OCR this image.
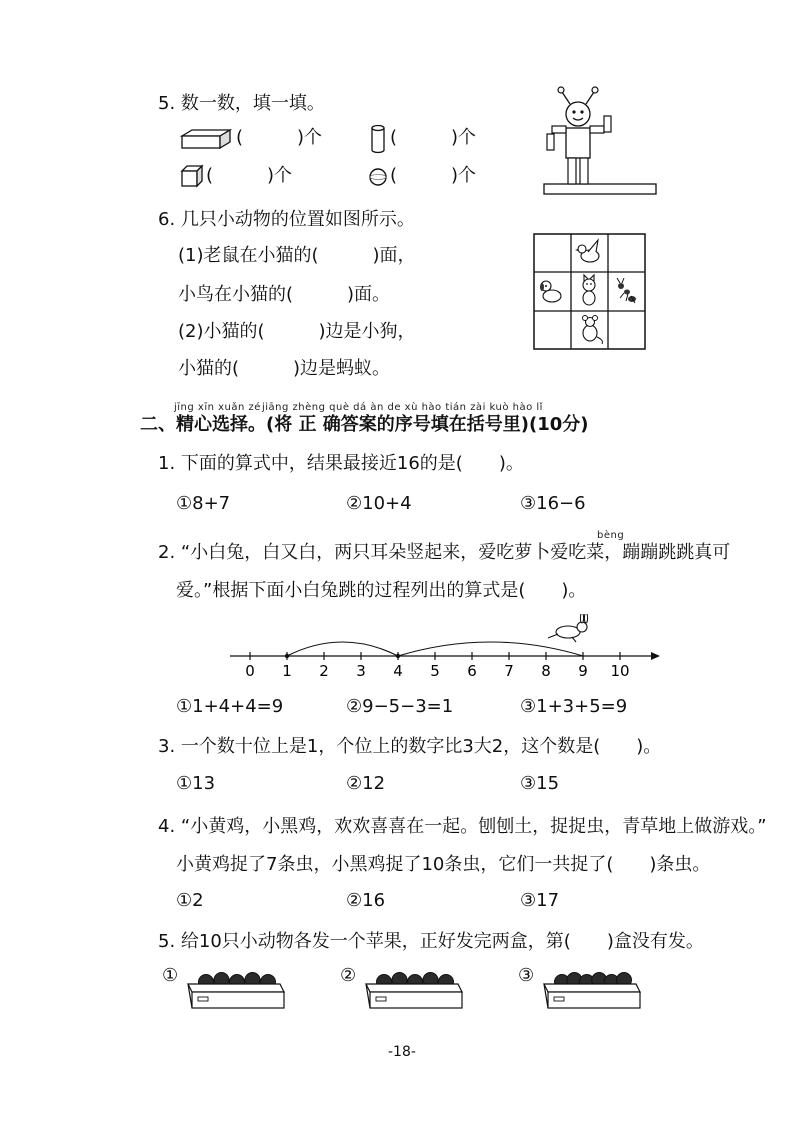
5. 数一数，填一填。
(　　　)个	(　　　)个
(　　　)个	(　　　)个
6. 几只小动物的位置如图所示。
(1)老鼠在小猫的(　　　)面，
小鸟在小猫的(　　　)面。
(2)小猫的(　　　)边是小狗，
小猫的(　　　)边是蚂蚁。
jīng xīn xuǎn zé jiāng zhèng què dá àn de xù hào tián zài kuò hào lǐ
二、精心选择。(将 正 确答案的序号填在括号里)(10分)
1. 下面的算式中，结果最接近16的是(　　)。
①8+7	②10+4	③16−6
bèng
2. “小白兔，白又白，两只耳朵竖起来，爱吃萝卜爱吃菜，蹦蹦跳跳真可
爱。”根据下面小白兔跳的过程列出的算式是(　　)。
0 1 2 3 4 5 6 7 8 9 10
①1+4+4=9	②9−5−3=1	③1+3+5=9
3. 一个数十位上是1，个位上的数字比3大2，这个数是(　　)。
①13	②12	③15
4. “小黄鸡，小黑鸡，欢欢喜喜在一起。刨刨土，捉捉虫，青草地上做游戏。”
小黄鸡捉了7条虫，小黑鸡捉了10条虫，它们一共捉了(　　)条虫。
①2	②16	③17
5. 给10只小动物各发一个苹果，正好发完两盒，第(　　)盒没有发。
①	②	③
-18-
